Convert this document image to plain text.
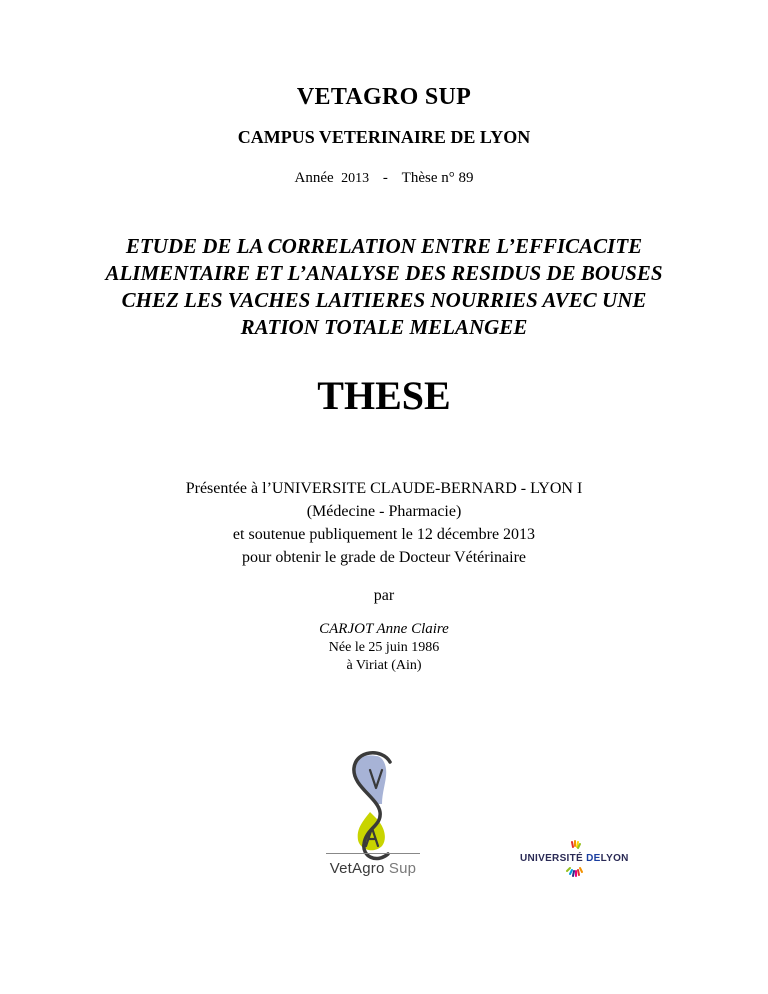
VETAGRO SUP

CAMPUS VETERINAIRE DE LYON

Année 2013 - Thèse n° 89

ETUDE DE LA CORRELATION ENTRE L’EFFICACITE
ALIMENTAIRE ET L’ANALYSE DES RESIDUS DE BOUSES
CHEZ LES VACHES LAITIERES NOURRIES AVEC UNE
RATION TOTALE MELANGEE

THESE

Présentée à l’UNIVERSITE CLAUDE-BERNARD - LYON I
(Médecine - Pharmacie)
et soutenue publiquement le 12 décembre 2013
pour obtenir le grade de Docteur Vétérinaire

par

CARJOT Anne Claire

Née le 25 juin 1986

à Viriat (Ain)

VetAgro Sup
UNIVERSITÉ DELYON
